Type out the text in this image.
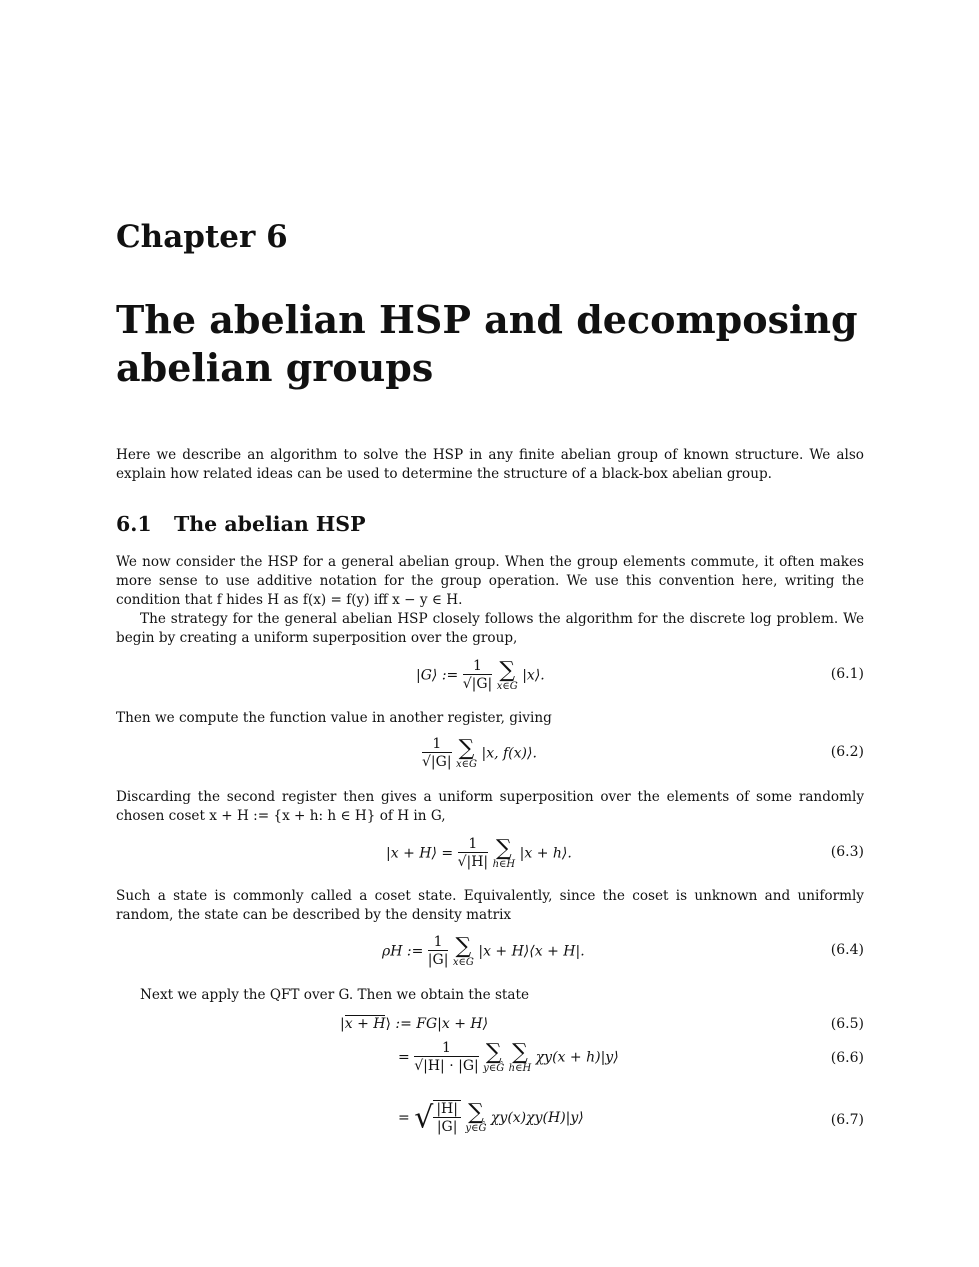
Chapter 6
The abelian HSP and decomposing abelian groups
Here we describe an algorithm to solve the HSP in any finite abelian group of known structure. We also explain how related ideas can be used to determine the structure of a black-box abelian group.
6.1 The abelian HSP
We now consider the HSP for a general abelian group. When the group elements commute, it often makes more sense to use additive notation for the group operation. We use this convention here, writing the condition that f hides H as f(x) = f(y) iff x − y ∈ H.
The strategy for the general abelian HSP closely follows the algorithm for the discrete log problem. We begin by creating a uniform superposition over the group,
|G⟩ := $\frac{1}{√|G|}$
∑
x∈G
|x⟩.	(6.1)
Then we compute the function value in another register, giving
$\frac{1}{√|G|}$
∑
x∈G
|x, f(x)⟩.	(6.2)
Discarding the second register then gives a uniform superposition over the elements of some randomly chosen coset x + H := {x + h: h ∈ H} of H in G,
|x + H⟩ = $\frac{1}{√|H|}$
∑
h∈H
|x + h⟩.	(6.3)
Such a state is commonly called a coset state. Equivalently, since the coset is unknown and uniformly random, the state can be described by the density matrix
ρH := $\frac{1}{|G|}$
∑
x∈G
|x + H⟩⟨x + H|.	(6.4)
Next we apply the QFT over G. Then we obtain the state
|x + H⟩ := FG|x + H⟩	(6.5)
= $\frac{1}{√|H| \cdot |G|}$
∑
y∈Ĝ

∑
h∈H
χy(x + h)|y⟩	(6.6)
= √ $\frac{|H|}{|G|}$
∑
y∈Ĝ
χy(x)χy(H)|y⟩	(6.7)
